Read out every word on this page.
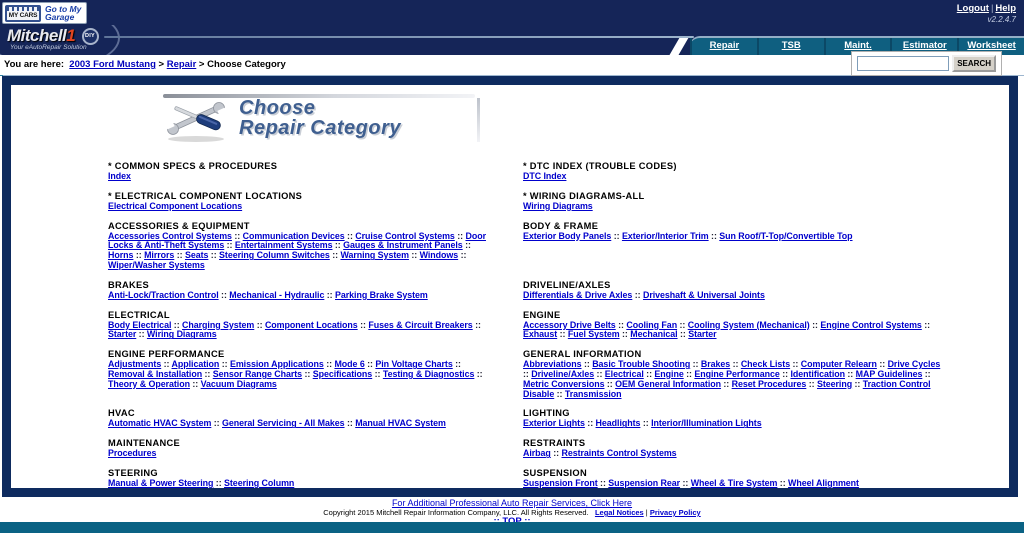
MY CARS
Go to My
Garage
Logout | Help
v2.2.4.7
Mitchell1 DIY
Your eAutoRepair Solution	Repair	TSB	Maint.	Estimator	Worksheet
You are here: 2003 Ford Mustang > Repair > Choose Category	SEARCH
Choose
Repair Category
* COMMON SPECS & PROCEDURES
Index

* DTC INDEX (TROUBLE CODES)
DTC Index

* ELECTRICAL COMPONENT LOCATIONS
Electrical Component Locations

* WIRING DIAGRAMS-ALL
Wiring Diagrams

ACCESSORIES & EQUIPMENT
Accessories Control Systems :: Communication Devices :: Cruise Control Systems :: Door Locks & Anti-Theft Systems :: Entertainment Systems :: Gauges & Instrument Panels :: Horns :: Mirrors :: Seats :: Steering Column Switches :: Warning System :: Windows :: Wiper/Washer Systems

BODY & FRAME
Exterior Body Panels :: Exterior/Interior Trim :: Sun Roof/T-Top/Convertible Top

BRAKES
Anti-Lock/Traction Control :: Mechanical - Hydraulic :: Parking Brake System

DRIVELINE/AXLES
Differentials & Drive Axles :: Driveshaft & Universal Joints

ELECTRICAL
Body Electrical :: Charging System :: Component Locations :: Fuses & Circuit Breakers :: Starter :: Wiring Diagrams

ENGINE
Accessory Drive Belts :: Cooling Fan :: Cooling System (Mechanical) :: Engine Control Systems :: Exhaust :: Fuel System :: Mechanical :: Starter

ENGINE PERFORMANCE
Adjustments :: Application :: Emission Applications :: Mode 6 :: Pin Voltage Charts :: Removal & Installation :: Sensor Range Charts :: Specifications :: Testing & Diagnostics :: Theory & Operation :: Vacuum Diagrams

GENERAL INFORMATION
Abbreviations :: Basic Trouble Shooting :: Brakes :: Check Lists :: Computer Relearn :: Drive Cycles :: Driveline/Axles :: Electrical :: Engine :: Engine Performance :: Identification :: MAP Guidelines :: Metric Conversions :: OEM General Information :: Reset Procedures :: Steering :: Traction Control Disable :: Transmission

HVAC
Automatic HVAC System :: General Servicing - All Makes :: Manual HVAC System

LIGHTING
Exterior Lights :: Headlights :: Interior/Illumination Lights

MAINTENANCE
Procedures

RESTRAINTS
Airbag :: Restraints Control Systems

STEERING
Manual & Power Steering :: Steering Column

SUSPENSION
Suspension Front :: Suspension Rear :: Wheel & Tire System :: Wheel Alignment

For Additional Professional Auto Repair Services, Click Here
Copyright 2015 Mitchell Repair Information Company, LLC. All Rights Reserved. Legal Notices | Privacy Policy
